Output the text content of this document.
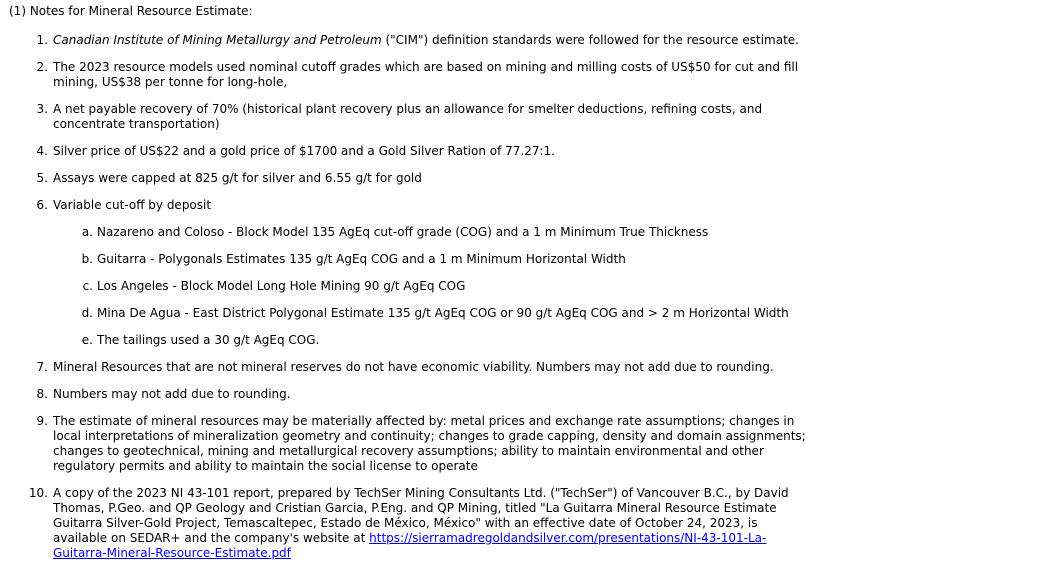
(1) Notes for Mineral Resource Estimate:
1. Canadian Institute of Mining Metallurgy and Petroleum ("CIM") definition standards were followed for the resource estimate.
2. The 2023 resource models used nominal cutoff grades which are based on mining and milling costs of US$50 for cut and fill mining, US$38 per tonne for long-hole,
3. A net payable recovery of 70% (historical plant recovery plus an allowance for smelter deductions, refining costs, and concentrate transportation)
4. Silver price of US$22 and a gold price of $1700 and a Gold Silver Ration of 77.27:1.
5. Assays were capped at 825 g/t for silver and 6.55 g/t for gold
6. Variable cut-off by deposit
a. Nazareno and Coloso - Block Model 135 AgEq cut-off grade (COG) and a 1 m Minimum True Thickness
b. Guitarra - Polygonals Estimates 135 g/t AgEq COG and a 1 m Minimum Horizontal Width
c. Los Angeles - Block Model Long Hole Mining 90 g/t AgEq COG
d. Mina De Agua - East District Polygonal Estimate 135 g/t AgEq COG or 90 g/t AgEq COG and > 2 m Horizontal Width
e. The tailings used a 30 g/t AgEq COG.
7. Mineral Resources that are not mineral reserves do not have economic viability. Numbers may not add due to rounding.
8. Numbers may not add due to rounding.
9. The estimate of mineral resources may be materially affected by: metal prices and exchange rate assumptions; changes in local interpretations of mineralization geometry and continuity; changes to grade capping, density and domain assignments; changes to geotechnical, mining and metallurgical recovery assumptions; ability to maintain environmental and other regulatory permits and ability to maintain the social license to operate
10. A copy of the 2023 NI 43-101 report, prepared by TechSer Mining Consultants Ltd. ("TechSer") of Vancouver B.C., by David Thomas, P.Geo. and QP Geology and Cristian Garcia, P.Eng. and QP Mining, titled "La Guitarra Mineral Resource Estimate Guitarra Silver-Gold Project, Temascaltepec, Estado de México, México" with an effective date of October 24, 2023, is available on SEDAR+ and the company's website at https://sierramadregoldandsilver.com/presentations/NI-43-101-La-Guitarra-Mineral-Resource-Estimate.pdf
